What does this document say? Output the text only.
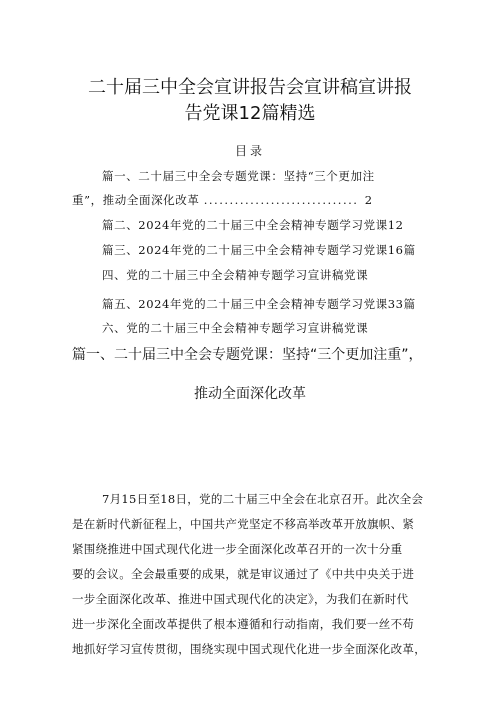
二十届三中全会宣讲报告会宣讲稿宣讲报
告党课12篇精选
目录
篇一、二十届三中全会专题党课：坚持“三个更加注
重”，推动全面深化改革 .............................. 2
篇二、2024年党的二十届三中全会精神专题学习党课12
篇三、2024年党的二十届三中全会精神专题学习党课16篇
四、党的二十届三中全会精神专题学习宣讲稿党课
篇五、2024年党的二十届三中全会精神专题学习党课33篇
篇一、二十届三中全会专题党课：坚持“三个更加注重”，
推动全面深化改革
六、党的二十届三中全会精神专题学习宣讲稿党课
7月15日至18日，党的二十届三中全会在北京召开。此次全会
是在新时代新征程上，中国共产党坚定不移高举改革开放旗帜、紧
紧围绕推进中国式现代化进一步全面深化改革召开的一次十分重
要的会议。全会最重要的成果，就是审议通过了《中共中央关于进
一步全面深化改革、推进中国式现代化的决定》，为我们在新时代
进一步深化全面改革提供了根本遵循和行动指南，我们要一丝不苟
地抓好学习宣传贯彻，围绕实现中国式现代化进一步全面深化改革，
